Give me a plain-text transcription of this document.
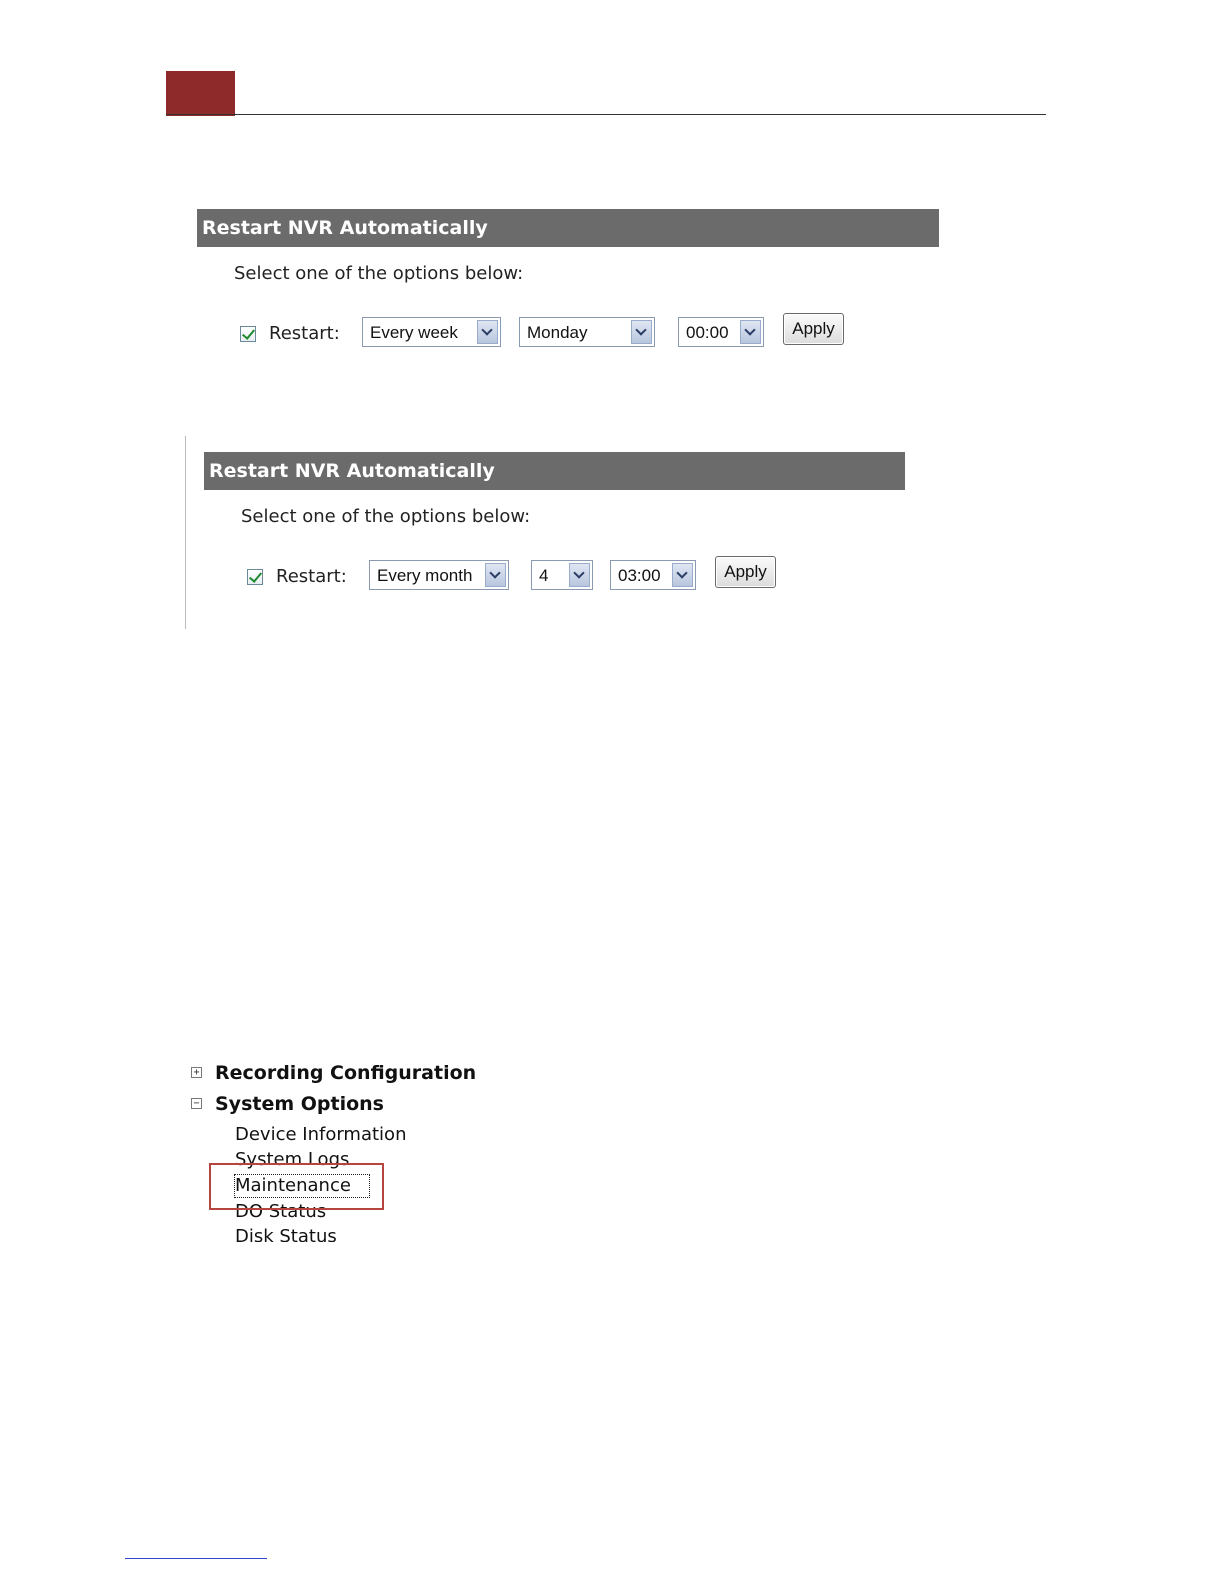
Restart NVR Automatically
Select one of the options below:
Restart: Every week	Monday	00:00	Apply
Restart NVR Automatically
Select one of the options below:
Restart: Every month	4	03:00	Apply
+ Recording Configuration
− System Options
Device Information
System Logs
Maintenance
DO Status
Disk Status
